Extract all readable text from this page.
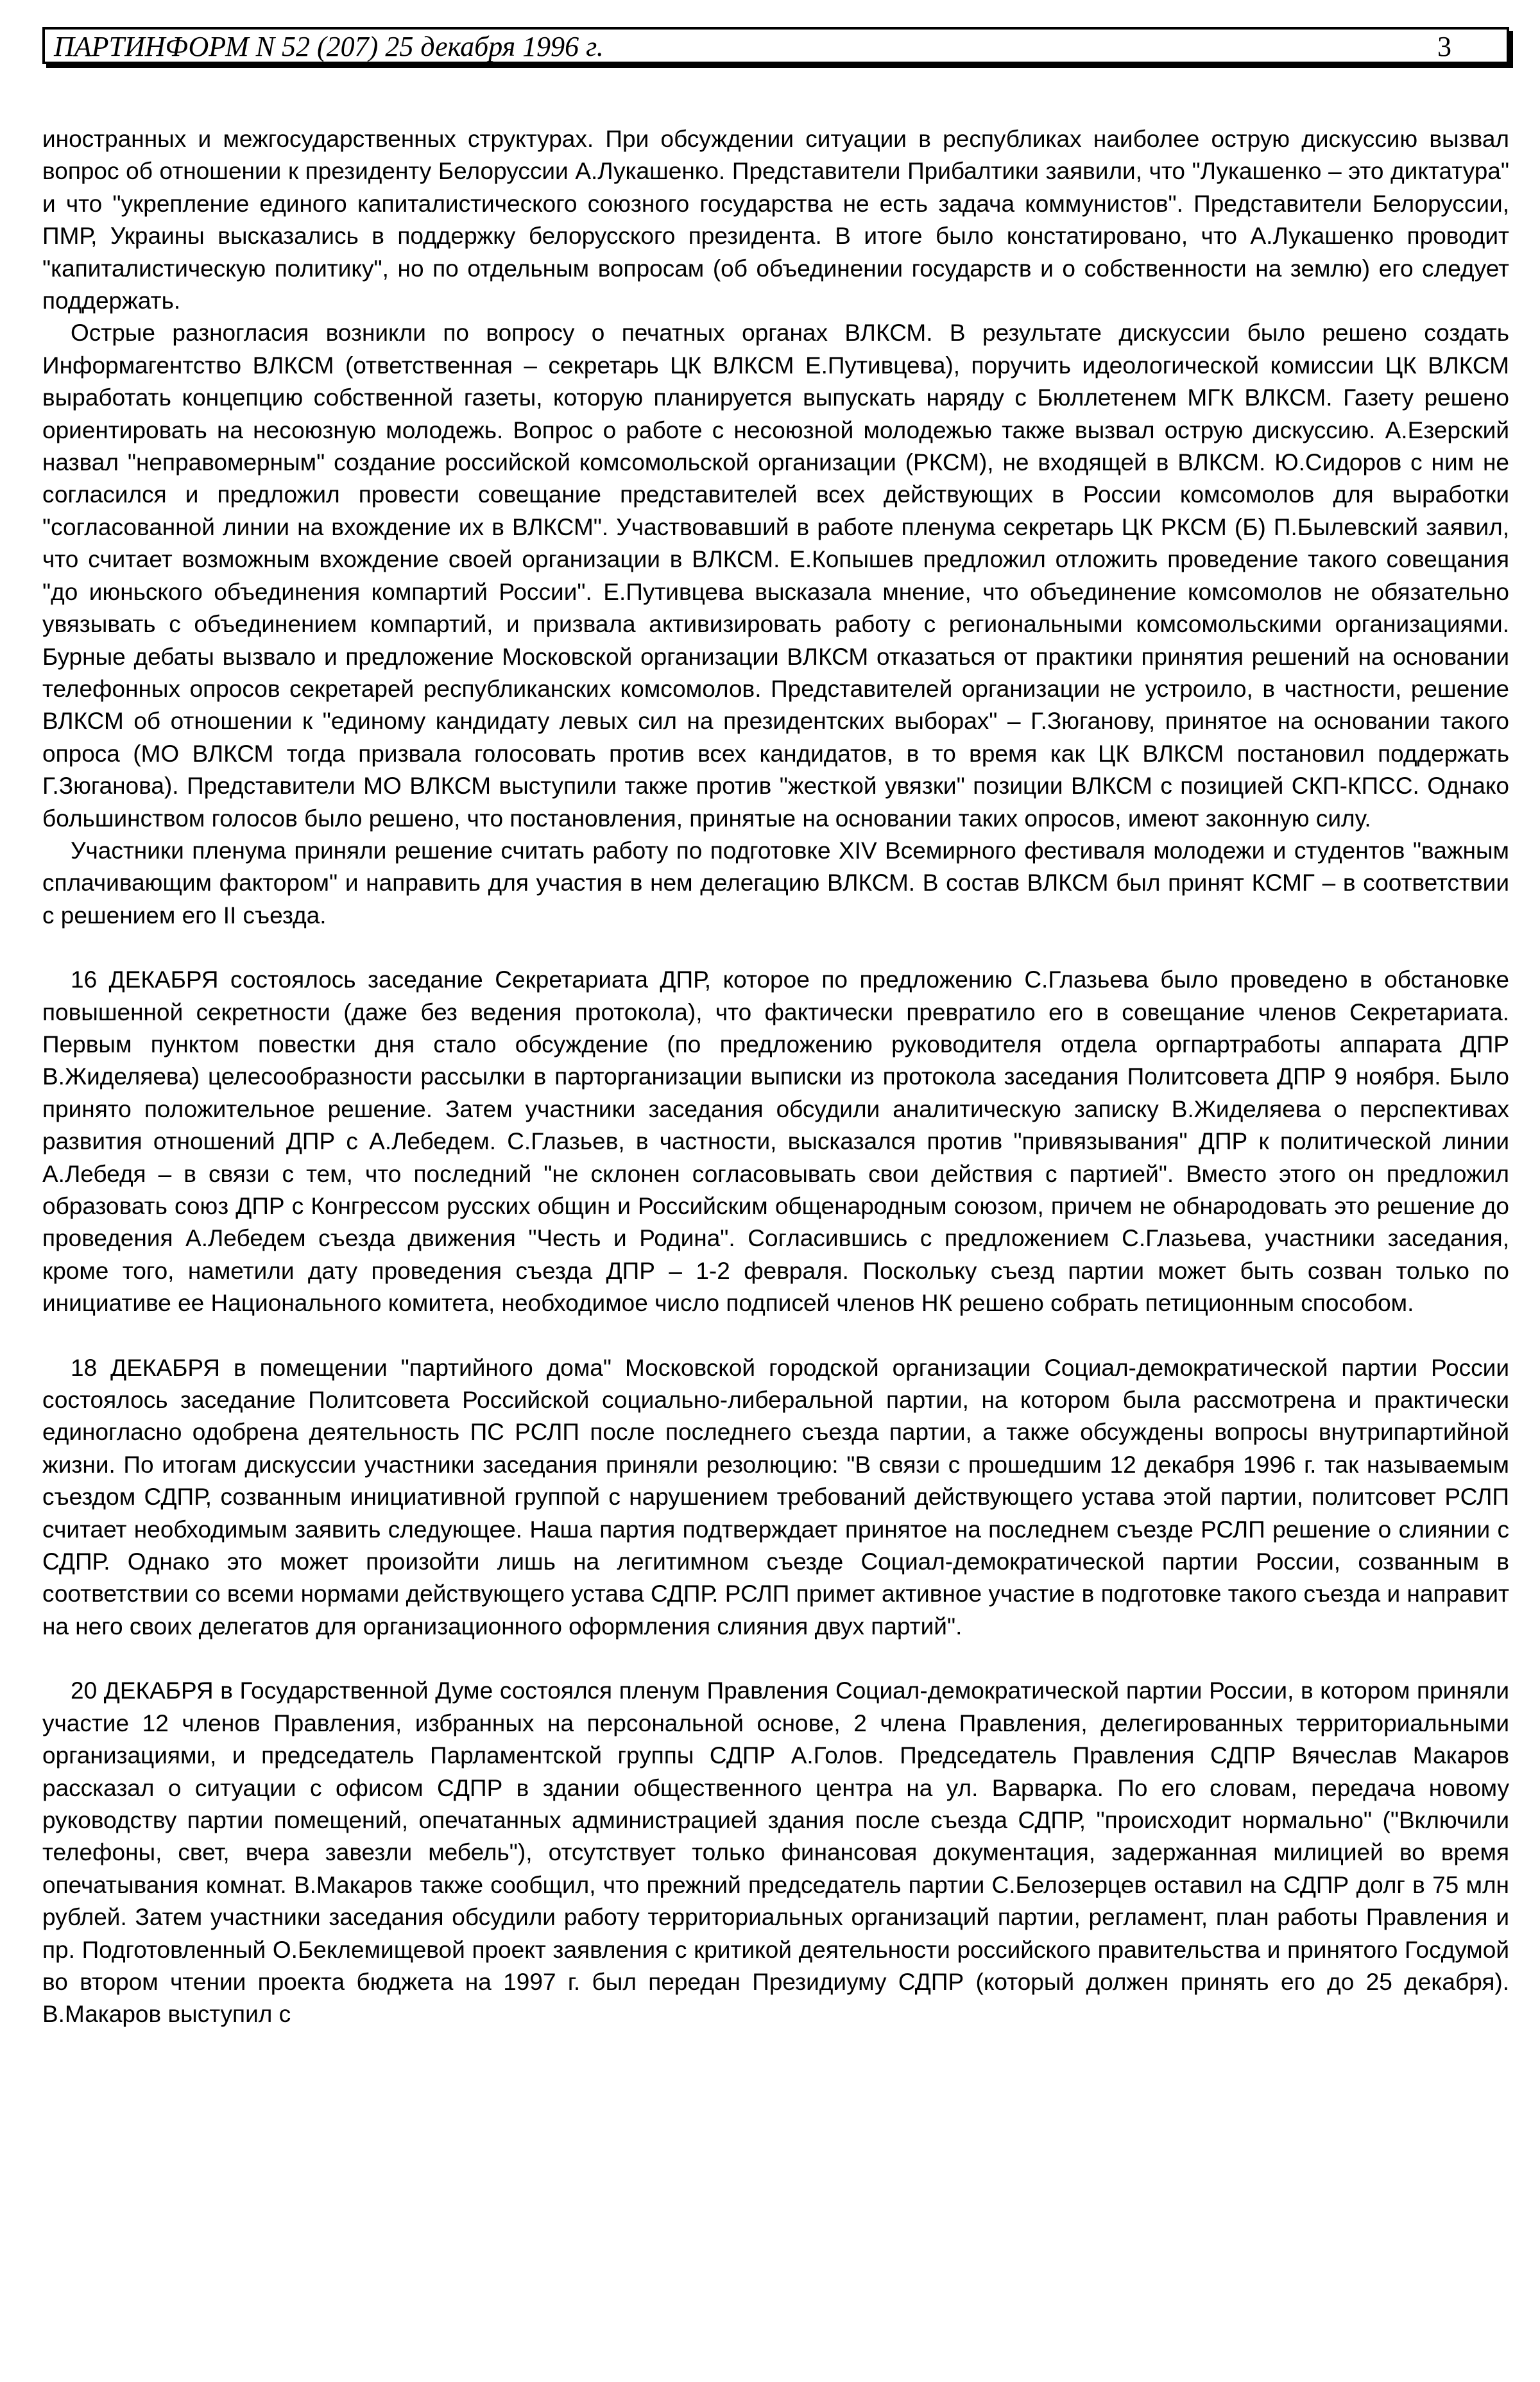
ПАРТИНФОРМ N 52 (207) 25 декабря 1996 г.	3

иностранных и межгосударственных структурах. При обсуждении ситуации в республиках наиболее острую дискуссию вызвал вопрос об отношении к президенту Белоруссии А.Лукашенко. Представители Прибалтики заявили, что "Лукашенко – это диктатура" и что "укрепление единого капиталистического союзного государства не есть задача коммунистов". Представители Белоруссии, ПМР, Украины высказались в поддержку белорусского президента. В итоге было констатировано, что А.Лукашенко проводит "капиталистическую политику", но по отдельным вопросам (об объединении государств и о собственности на землю) его следует поддержать.

Острые разногласия возникли по вопросу о печатных органах ВЛКСМ. В результате дискуссии было решено создать Информагентство ВЛКСМ (ответственная – секретарь ЦК ВЛКСМ Е.Путивцева), поручить идеологической комиссии ЦК ВЛКСМ выработать концепцию собственной газеты, которую планируется выпускать наряду с Бюллетенем МГК ВЛКСМ. Газету решено ориентировать на несоюзную молодежь. Вопрос о работе с несоюзной молодежью также вызвал острую дискуссию. А.Езерский назвал "неправомерным" создание российской комсомольской организации (РКСМ), не входящей в ВЛКСМ. Ю.Сидоров с ним не согласился и предложил провести совещание представителей всех действующих в России комсомолов для выработки "согласованной линии на вхождение их в ВЛКСМ". Участвовавший в работе пленума секретарь ЦК РКСМ (Б) П.Былевский заявил, что считает возможным вхождение своей организации в ВЛКСМ. Е.Копышев предложил отложить проведение такого совещания "до июньского объединения компартий России". Е.Путивцева высказала мнение, что объединение комсомолов не обязательно увязывать с объединением компартий, и призвала активизировать работу с региональными комсомольскими организациями. Бурные дебаты вызвало и предложение Московской организации ВЛКСМ отказаться от практики принятия решений на основании телефонных опросов секретарей республиканских комсомолов. Представителей организации не устроило, в частности, решение ВЛКСМ об отношении к "единому кандидату левых сил на президентских выборах" – Г.Зюганову, принятое на основании такого опроса (МО ВЛКСМ тогда призвала голосовать против всех кандидатов, в то время как ЦК ВЛКСМ постановил поддержать Г.Зюганова). Представители МО ВЛКСМ выступили также против "жесткой увязки" позиции ВЛКСМ с позицией СКП-КПСС. Однако большинством голосов было решено, что постановления, принятые на основании таких опросов, имеют законную силу.

Участники пленума приняли решение считать работу по подготовке XIV Всемирного фестиваля молодежи и студентов "важным сплачивающим фактором" и направить для участия в нем делегацию ВЛКСМ. В состав ВЛКСМ был принят КСМГ – в соответствии с решением его II съезда.

16 ДЕКАБРЯ состоялось заседание Секретариата ДПР, которое по предложению С.Глазьева было проведено в обстановке повышенной секретности (даже без ведения протокола), что фактически превратило его в совещание членов Секретариата. Первым пунктом повестки дня стало обсуждение (по предложению руководителя отдела оргпартработы аппарата ДПР В.Жиделяева) целесообразности рассылки в парторганизации выписки из протокола заседания Политсовета ДПР 9 ноября. Было принято положительное решение. Затем участники заседания обсудили аналитическую записку В.Жиделяева о перспективах развития отношений ДПР с А.Лебедем. С.Глазьев, в частности, высказался против "привязывания" ДПР к политической линии А.Лебедя – в связи с тем, что последний "не склонен согласовывать свои действия с партией". Вместо этого он предложил образовать союз ДПР с Конгрессом русских общин и Российским общенародным союзом, причем не обнародовать это решение до проведения А.Лебедем съезда движения "Честь и Родина". Согласившись с предложением С.Глазьева, участники заседания, кроме того, наметили дату проведения съезда ДПР – 1-2 февраля. Поскольку съезд партии может быть созван только по инициативе ее Национального комитета, необходимое число подписей членов НК решено собрать петиционным способом.

18 ДЕКАБРЯ в помещении "партийного дома" Московской городской организации Социал-демократической партии России состоялось заседание Политсовета Российской социально-либеральной партии, на котором была рассмотрена и практически единогласно одобрена деятельность ПС РСЛП после последнего съезда партии, а также обсуждены вопросы внутрипартийной жизни. По итогам дискуссии участники заседания приняли резолюцию: "В связи с прошедшим 12 декабря 1996 г. так называемым съездом СДПР, созванным инициативной группой с нарушением требований действующего устава этой партии, политсовет РСЛП считает необходимым заявить следующее. Наша партия подтверждает принятое на последнем съезде РСЛП решение о слиянии с СДПР. Однако это может произойти лишь на легитимном съезде Социал-демократической партии России, созванным в соответствии со всеми нормами действующего устава СДПР. РСЛП примет активное участие в подготовке такого съезда и направит на него своих делегатов для организационного оформления слияния двух партий".

20 ДЕКАБРЯ в Государственной Думе состоялся пленум Правления Социал-демократической партии России, в котором приняли участие 12 членов Правления, избранных на персональной основе, 2 члена Правления, делегированных территориальными организациями, и председатель Парламентской группы СДПР А.Голов. Председатель Правления СДПР Вячеслав Макаров рассказал о ситуации с офисом СДПР в здании общественного центра на ул. Варварка. По его словам, передача новому руководству партии помещений, опечатанных администрацией здания после съезда СДПР, "происходит нормально" ("Включили телефоны, свет, вчера завезли мебель"), отсутствует только финансовая документация, задержанная милицией во время опечатывания комнат. В.Макаров также сообщил, что прежний председатель партии С.Белозерцев оставил на СДПР долг в 75 млн рублей. Затем участники заседания обсудили работу территориальных организаций партии, регламент, план работы Правления и пр. Подготовленный О.Беклемищевой проект заявления с критикой деятельности российского правительства и принятого Госдумой во втором чтении проекта бюджета на 1997 г. был передан Президиуму СДПР (который должен принять его до 25 декабря). В.Макаров выступил с
